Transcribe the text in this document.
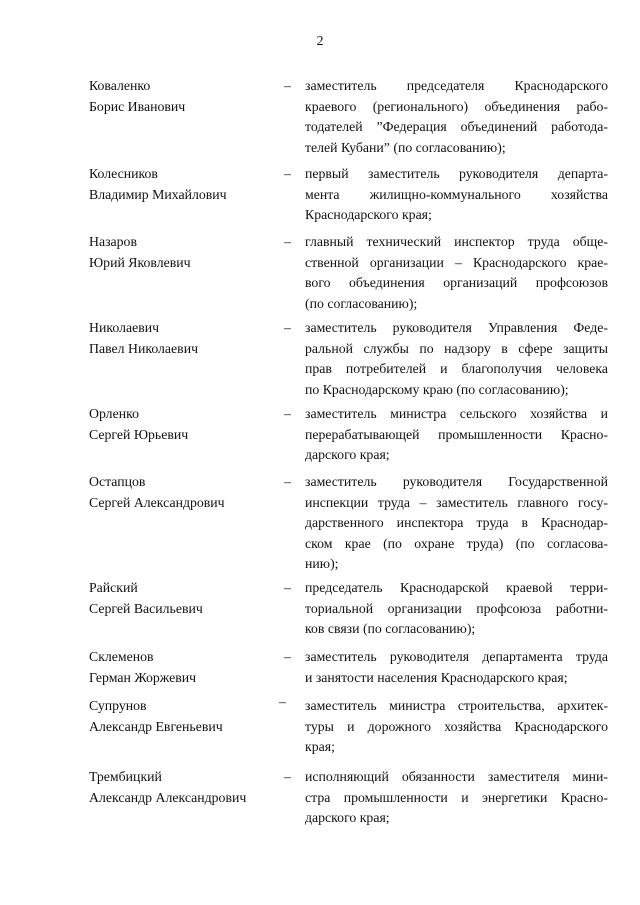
2
Коваленко
Борис Иванович
– заместитель председателя Краснодарского
краевого (регионального) объединения рабо-
тодателей ”Федерация объединений работода-
телей Кубани” (по согласованию);
Колесников
Владимир Михайлович
– первый заместитель руководителя департа-
мента жилищно-коммунального хозяйства
Краснодарского края;
Назаров
Юрий Яковлевич
– главный технический инспектор труда обще-
ственной организации – Краснодарского крае-
вого объединения организаций профсоюзов
(по согласованию);
Николаевич
Павел Николаевич
– заместитель руководителя Управления Федe-
ральной службы по надзору в сфере защиты
прав потребителей и благополучия человека
по Краснодарскому краю (по согласованию);
Орленко
Сергей Юрьевич
– заместитель министра сельского хозяйства и
перерабатывающей промышленности Красно-
дарского края;
Остапцов
Сергей Александрович
– заместитель руководителя Государственной
инспекции труда – заместитель главного госу-
дарственного инспектора труда в Краснодар-
ском крае (по охране труда) (по согласова-
нию);
Райский
Сергей Васильевич
– председатель Краснодарской краевой терри-
ториальной организации профсоюза работни-
ков связи (по согласованию);
Склеменов
Герман Жоржевич
– заместитель руководителя департамента труда
и занятости населения Краснодарского края;
Супрунов
Александр Евгеньевич
– заместитель министра строительства, архитек-
туры и дорожного хозяйства Краснодарского
края;
Трембицкий
Александр Александрович
– исполняющий обязанности заместителя мини-
стра промышленности и энергетики Красно-
дарского края;
